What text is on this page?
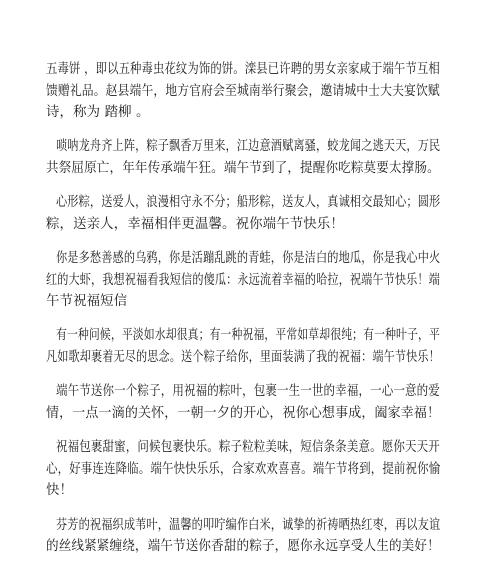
五毒饼 ，即以五种毒虫花纹为饰的饼。滦县已许聘的男女亲家咸于端午节互相
馈赠礼品。赵县端午，地方官府会至城南举行聚会，邀请城中士大夫宴饮赋
诗，称为 踏柳 。
唢呐龙舟齐上阵，粽子飘香万里来，江边意酒赋离骚，蛟龙闻之逃天天，万民
共祭屈原亡，年年传承端午狂。端午节到了，提醒你吃粽莫要太撑肠。
心形粽，送爱人，浪漫相守永不分；船形粽，送友人，真诚相交最知心；圆形
粽，送亲人，幸福相伴更温馨。祝你端午节快乐！
你是多愁善感的乌鸦，你是活蹦乱跳的青蛙，你是洁白的地瓜，你是我心中火
红的大虾，我想祝福看我短信的傻瓜：永远流着幸福的哈拉，祝端午节快乐！端
午节祝福短信
有一种问候，平淡如水却很真；有一种祝福，平常如草却很纯；有一种叶子，平
凡如歌却裹着无尽的思念。送个粽子给你，里面装满了我的祝福：端午节快乐！
端午节送你一个粽子，用祝福的粽叶，包裹一生一世的幸福，一心一意的爱
情，一点一滴的关怀，一朝一夕的开心，祝你心想事成，阖家幸福！
祝福包裹甜蜜，问候包裹快乐。粽子粒粒美味，短信条条美意。愿你天天开
心，好事连连降临。端午快快乐乐，合家欢欢喜喜。端午节将到，提前祝你愉
快！
芬芳的祝福织成苇叶，温馨的叩咛编作白米，诚挚的祈祷晒热红枣，再以友谊
的丝线紧紧缠绕，端午节送你香甜的粽子，愿你永远享受人生的美好！
